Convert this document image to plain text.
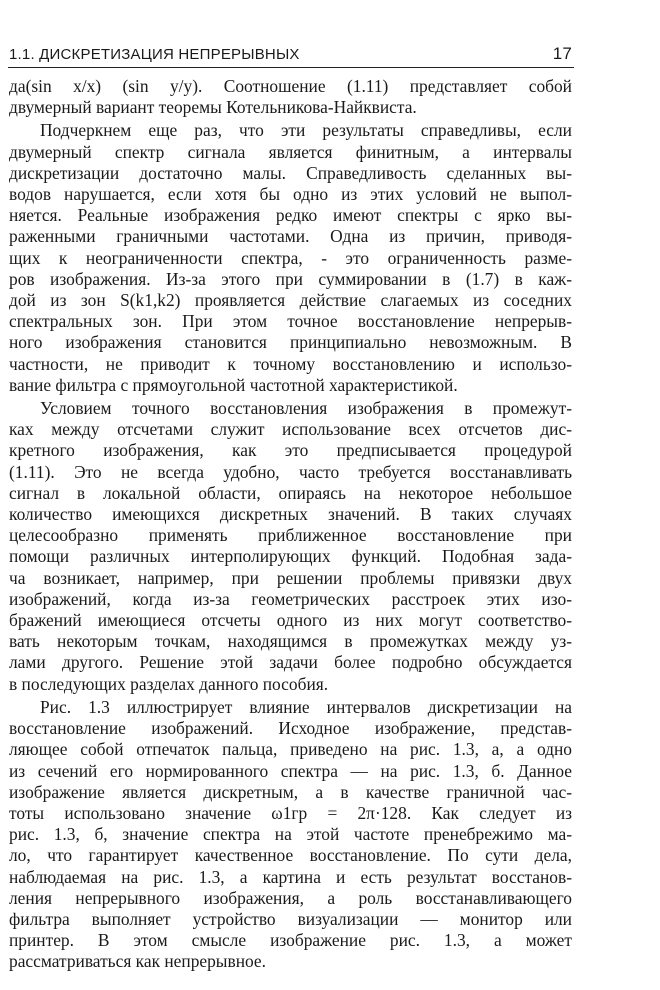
1.1. ДИСКРЕТИЗАЦИЯ НЕПРЕРЫВНЫХ	17

да(sin x/x) (sin y/y). Соотношение (1.11) представляет собой
двумерный вариант теоремы Котельникова-Найквиста.

Подчеркнем еще раз, что эти результаты справедливы, если
двумерный спектр сигнала является финитным, а интервалы
дискретизации достаточно малы. Справедливость сделанных вы-
водов нарушается, если хотя бы одно из этих условий не выпол-
няется. Реальные изображения редко имеют спектры с ярко вы-
раженными граничными частотами. Одна из причин, приводя-
щих к неограниченности спектра, - это ограниченность разме-
ров изображения. Из-за этого при суммировании в (1.7) в каж-
дой из зон S(k1,k2) проявляется действие слагаемых из соседних
спектральных зон. При этом точное восстановление непрерыв-
ного изображения становится принципиально невозможным. В
частности, не приводит к точному восстановлению и использо-
вание фильтра с прямоугольной частотной характеристикой.

Условием точного восстановления изображения в промежут-
ках между отсчетами служит использование всех отсчетов дис-
кретного изображения, как это предписывается процедурой
(1.11). Это не всегда удобно, часто требуется восстанавливать
сигнал в локальной области, опираясь на некоторое небольшое
количество имеющихся дискретных значений. В таких случаях
целесообразно применять приближенное восстановление при
помощи различных интерполирующих функций. Подобная зада-
ча возникает, например, при решении проблемы привязки двух
изображений, когда из-за геометрических расстроек этих изо-
бражений имеющиеся отсчеты одного из них могут соответство-
вать некоторым точкам, находящимся в промежутках между уз-
лами другого. Решение этой задачи более подробно обсуждается
в последующих разделах данного пособия.

Рис. 1.3 иллюстрирует влияние интервалов дискретизации на
восстановление изображений. Исходное изображение, представ-
ляющее собой отпечаток пальца, приведено на рис. 1.3, а, а одно
из сечений его нормированного спектра — на рис. 1.3, б. Данное
изображение является дискретным, а в качестве граничной час-
тоты использовано значение ω1гр = 2π·128. Как следует из
рис. 1.3, б, значение спектра на этой частоте пренебрежимо ма-
ло, что гарантирует качественное восстановление. По сути дела,
наблюдаемая на рис. 1.3, а картина и есть результат восстанов-
ления непрерывного изображения, а роль восстанавливающего
фильтра выполняет устройство визуализации — монитор или
принтер. В этом смысле изображение рис. 1.3, а может
рассматриваться как непрерывное.
